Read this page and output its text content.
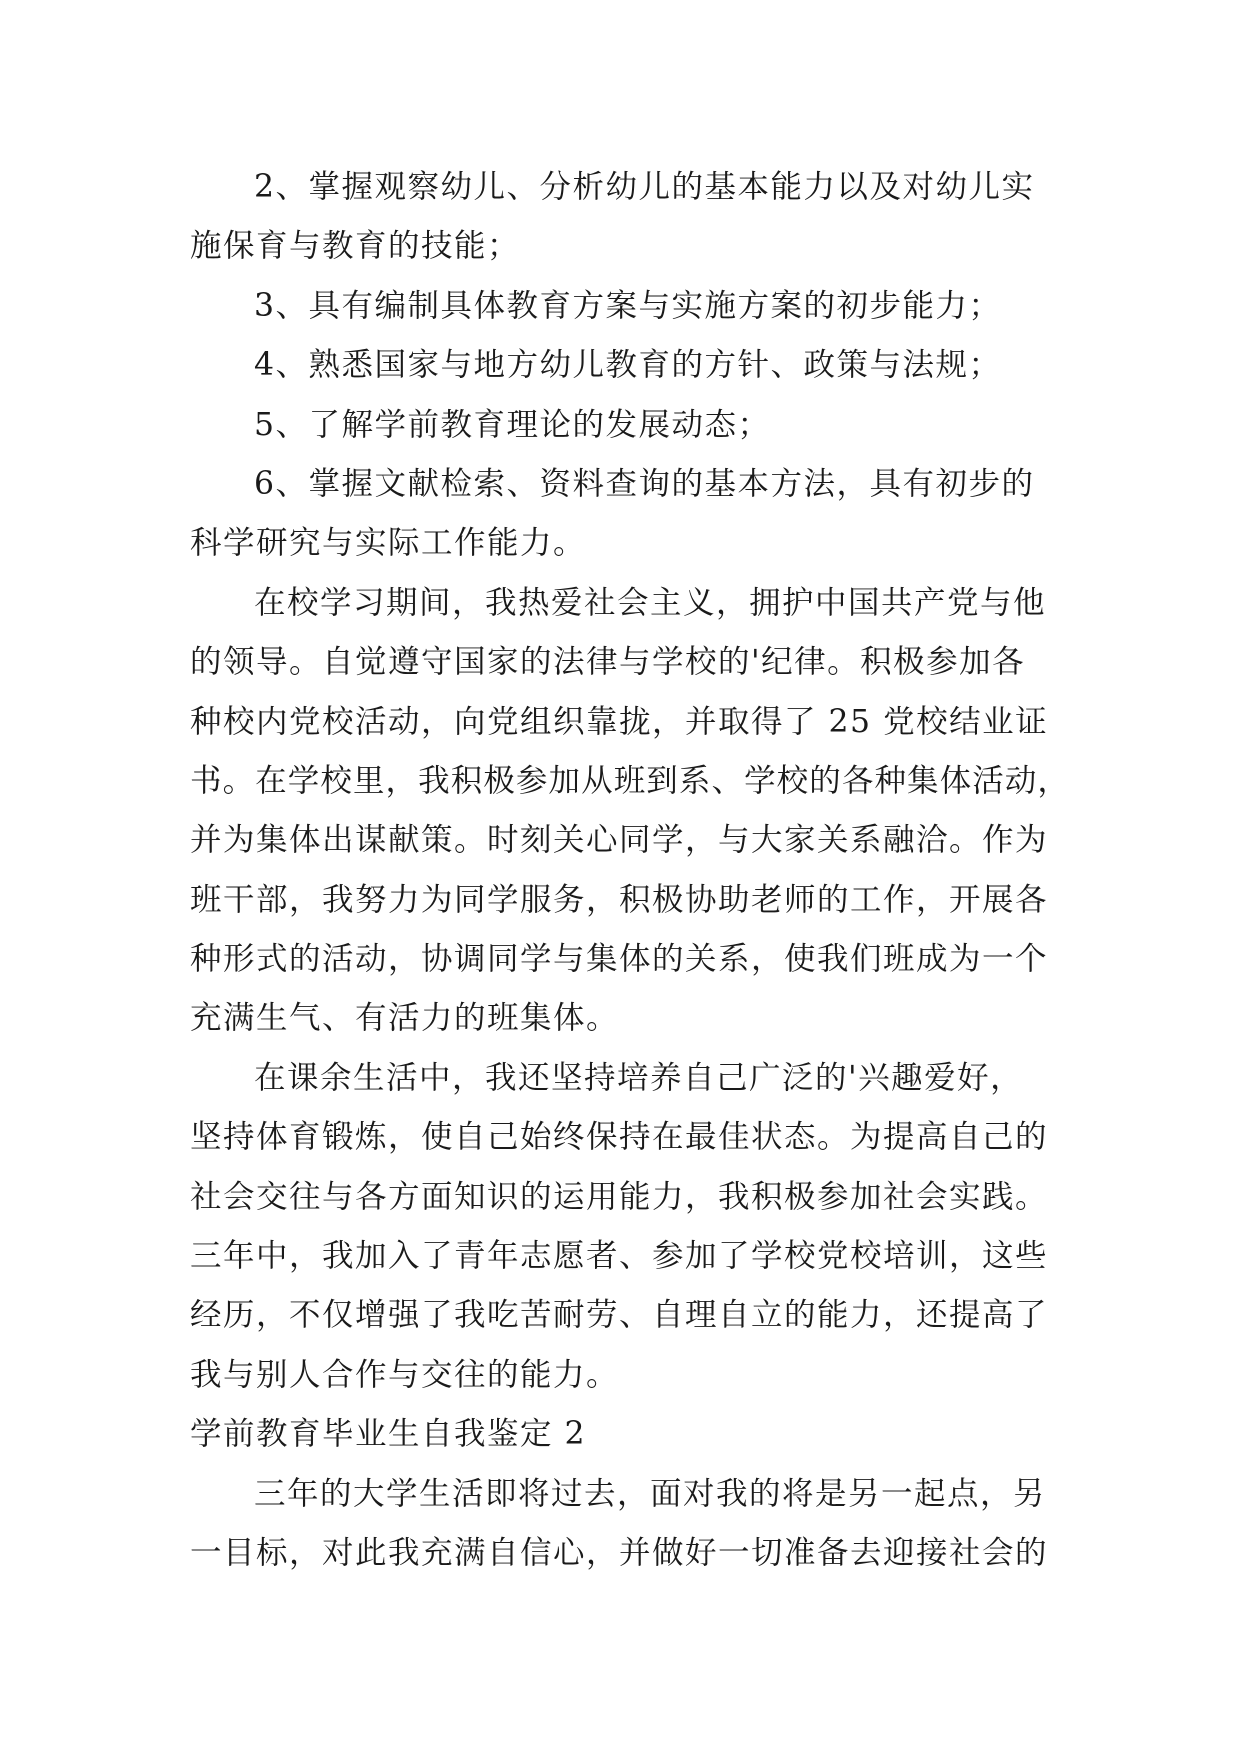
2、掌握观察幼儿、分析幼儿的基本能力以及对幼儿实
施保育与教育的技能；
3、具有编制具体教育方案与实施方案的初步能力；
4、熟悉国家与地方幼儿教育的方针、政策与法规；
5、了解学前教育理论的发展动态；
6、掌握文献检索、资料查询的基本方法，具有初步的
科学研究与实际工作能力。
在校学习期间，我热爱社会主义，拥护中国共产党与他
的领导。自觉遵守国家的法律与学校的'纪律。积极参加各
种校内党校活动，向党组织靠拢，并取得了 25 党校结业证
书。在学校里，我积极参加从班到系、学校的各种集体活动，
并为集体出谋献策。时刻关心同学，与大家关系融洽。作为
班干部，我努力为同学服务，积极协助老师的工作，开展各
种形式的活动，协调同学与集体的关系，使我们班成为一个
充满生气、有活力的班集体。
在课余生活中，我还坚持培养自己广泛的'兴趣爱好，
坚持体育锻炼，使自己始终保持在最佳状态。为提高自己的
社会交往与各方面知识的运用能力，我积极参加社会实践。
三年中，我加入了青年志愿者、参加了学校党校培训，这些
经历，不仅增强了我吃苦耐劳、自理自立的能力，还提高了
我与别人合作与交往的能力。
学前教育毕业生自我鉴定 2
三年的大学生活即将过去，面对我的将是另一起点，另
一目标，对此我充满自信心，并做好一切准备去迎接社会的
